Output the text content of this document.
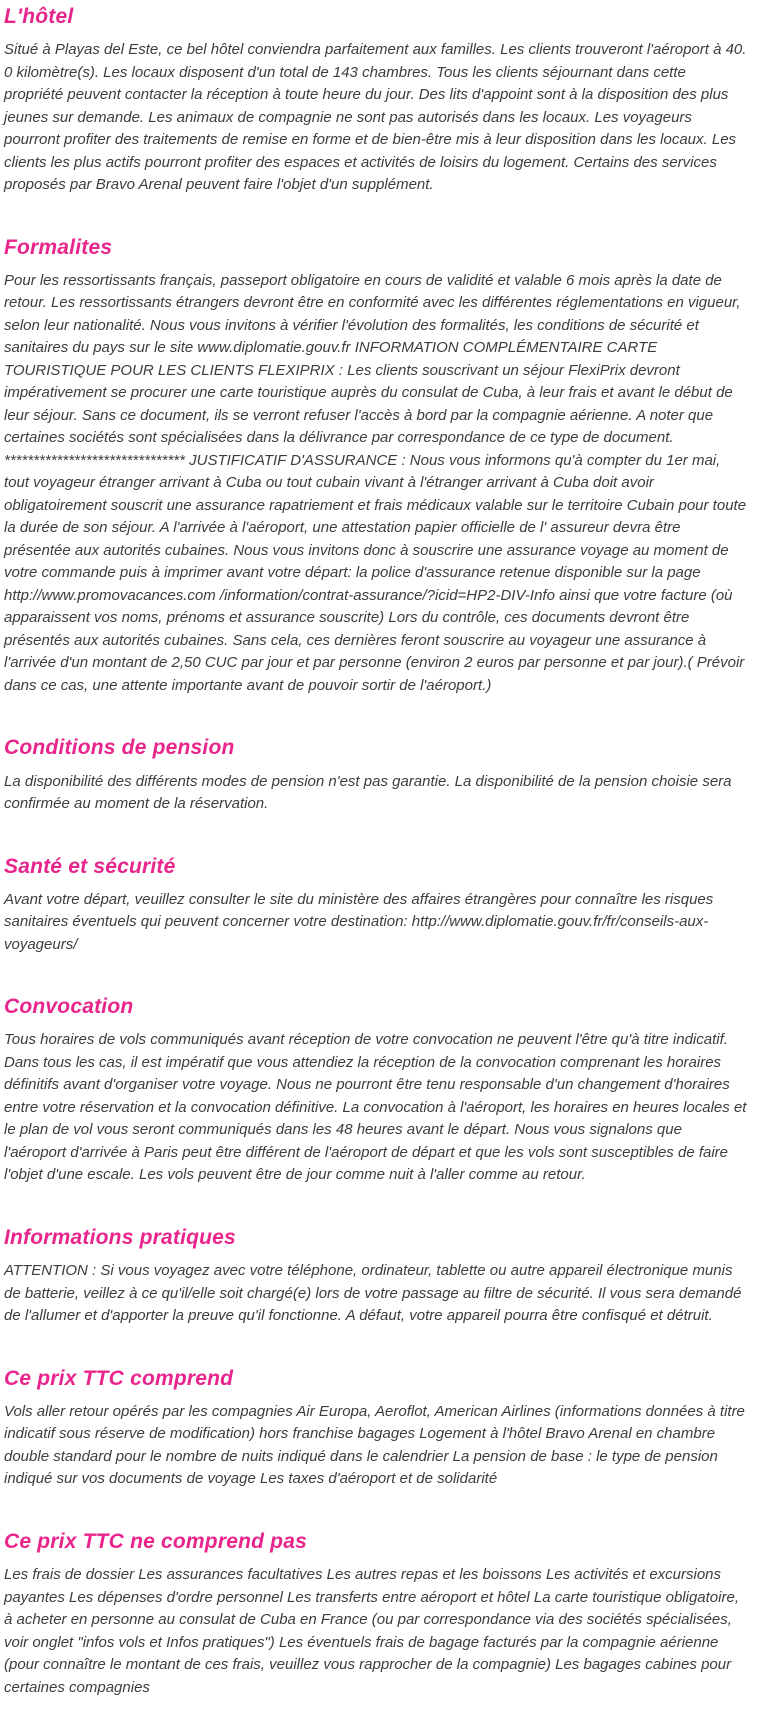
L'hôtel

Situé à Playas del Este, ce bel hôtel conviendra parfaitement aux familles. Les clients trouveront l'aéroport à 40. 0 kilomètre(s). Les locaux disposent d'un total de 143 chambres. Tous les clients séjournant dans cette propriété peuvent contacter la réception à toute heure du jour. Des lits d'appoint sont à la disposition des plus jeunes sur demande. Les animaux de compagnie ne sont pas autorisés dans les locaux. Les voyageurs pourront profiter des traitements de remise en forme et de bien-être mis à leur disposition dans les locaux. Les clients les plus actifs pourront profiter des espaces et activités de loisirs du logement. Certains des services proposés par Bravo Arenal peuvent faire l'objet d'un supplément.

Formalites

Pour les ressortissants français, passeport obligatoire en cours de validité et valable 6 mois après la date de retour. Les ressortissants étrangers devront être en conformité avec les différentes réglementations en vigueur, selon leur nationalité. Nous vous invitons à vérifier l'évolution des formalités, les conditions de sécurité et sanitaires du pays sur le site www.diplomatie.gouv.fr INFORMATION COMPLÉMENTAIRE CARTE TOURISTIQUE POUR LES CLIENTS FLEXIPRIX : Les clients souscrivant un séjour FlexiPrix devront impérativement se procurer une carte touristique auprès du consulat de Cuba, à leur frais et avant le début de leur séjour. Sans ce document, ils se verront refuser l'accès à bord par la compagnie aérienne. A noter que certaines sociétés sont spécialisées dans la délivrance par correspondance de ce type de document. ******************************* JUSTIFICATIF D'ASSURANCE : Nous vous informons qu'à compter du 1er mai, tout voyageur étranger arrivant à Cuba ou tout cubain vivant à l'étranger arrivant à Cuba doit avoir obligatoirement souscrit une assurance rapatriement et frais médicaux valable sur le territoire Cubain pour toute la durée de son séjour. A l'arrivée à l'aéroport, une attestation papier officielle de l' assureur devra être présentée aux autorités cubaines. Nous vous invitons donc à souscrire une assurance voyage au moment de votre commande puis à imprimer avant votre départ: la police d'assurance retenue disponible sur la page http://www.promovacances.com /information/contrat-assurance/?icid=HP2-DIV-Info ainsi que votre facture (où apparaissent vos noms, prénoms et assurance souscrite) Lors du contrôle, ces documents devront être présentés aux autorités cubaines. Sans cela, ces dernières feront souscrire au voyageur une assurance à l'arrivée d'un montant de 2,50 CUC par jour et par personne (environ 2 euros par personne et par jour).( Prévoir dans ce cas, une attente importante avant de pouvoir sortir de l'aéroport.)

Conditions de pension

La disponibilité des différents modes de pension n'est pas garantie. La disponibilité de la pension choisie sera confirmée au moment de la réservation.

Santé et sécurité

Avant votre départ, veuillez consulter le site du ministère des affaires étrangères pour connaître les risques sanitaires éventuels qui peuvent concerner votre destination: http://www.diplomatie.gouv.fr/fr/conseils-aux-voyageurs/

Convocation

Tous horaires de vols communiqués avant réception de votre convocation ne peuvent l'être qu'à titre indicatif. Dans tous les cas, il est impératif que vous attendiez la réception de la convocation comprenant les horaires définitifs avant d'organiser votre voyage. Nous ne pourront être tenu responsable d'un changement d'horaires entre votre réservation et la convocation définitive. La convocation à l'aéroport, les horaires en heures locales et le plan de vol vous seront communiqués dans les 48 heures avant le départ. Nous vous signalons que l'aéroport d'arrivée à Paris peut être différent de l'aéroport de départ et que les vols sont susceptibles de faire l'objet d'une escale. Les vols peuvent être de jour comme nuit à l'aller comme au retour.

Informations pratiques

ATTENTION : Si vous voyagez avec votre téléphone, ordinateur, tablette ou autre appareil électronique munis de batterie, veillez à ce qu'il/elle soit chargé(e) lors de votre passage au filtre de sécurité. Il vous sera demandé de l'allumer et d'apporter la preuve qu'il fonctionne. A défaut, votre appareil pourra être confisqué et détruit.

Ce prix TTC comprend

Vols aller retour opérés par les compagnies Air Europa, Aeroflot, American Airlines (informations données à titre indicatif sous réserve de modification) hors franchise bagages Logement à l'hôtel Bravo Arenal en chambre double standard pour le nombre de nuits indiqué dans le calendrier La pension de base : le type de pension indiqué sur vos documents de voyage Les taxes d'aéroport et de solidarité

Ce prix TTC ne comprend pas

Les frais de dossier Les assurances facultatives Les autres repas et les boissons Les activités et excursions payantes Les dépenses d'ordre personnel Les transferts entre aéroport et hôtel La carte touristique obligatoire, à acheter en personne au consulat de Cuba en France (ou par correspondance via des sociétés spécialisées, voir onglet "infos vols et Infos pratiques") Les éventuels frais de bagage facturés par la compagnie aérienne (pour connaître le montant de ces frais, veuillez vous rapprocher de la compagnie) Les bagages cabines pour certaines compagnies
